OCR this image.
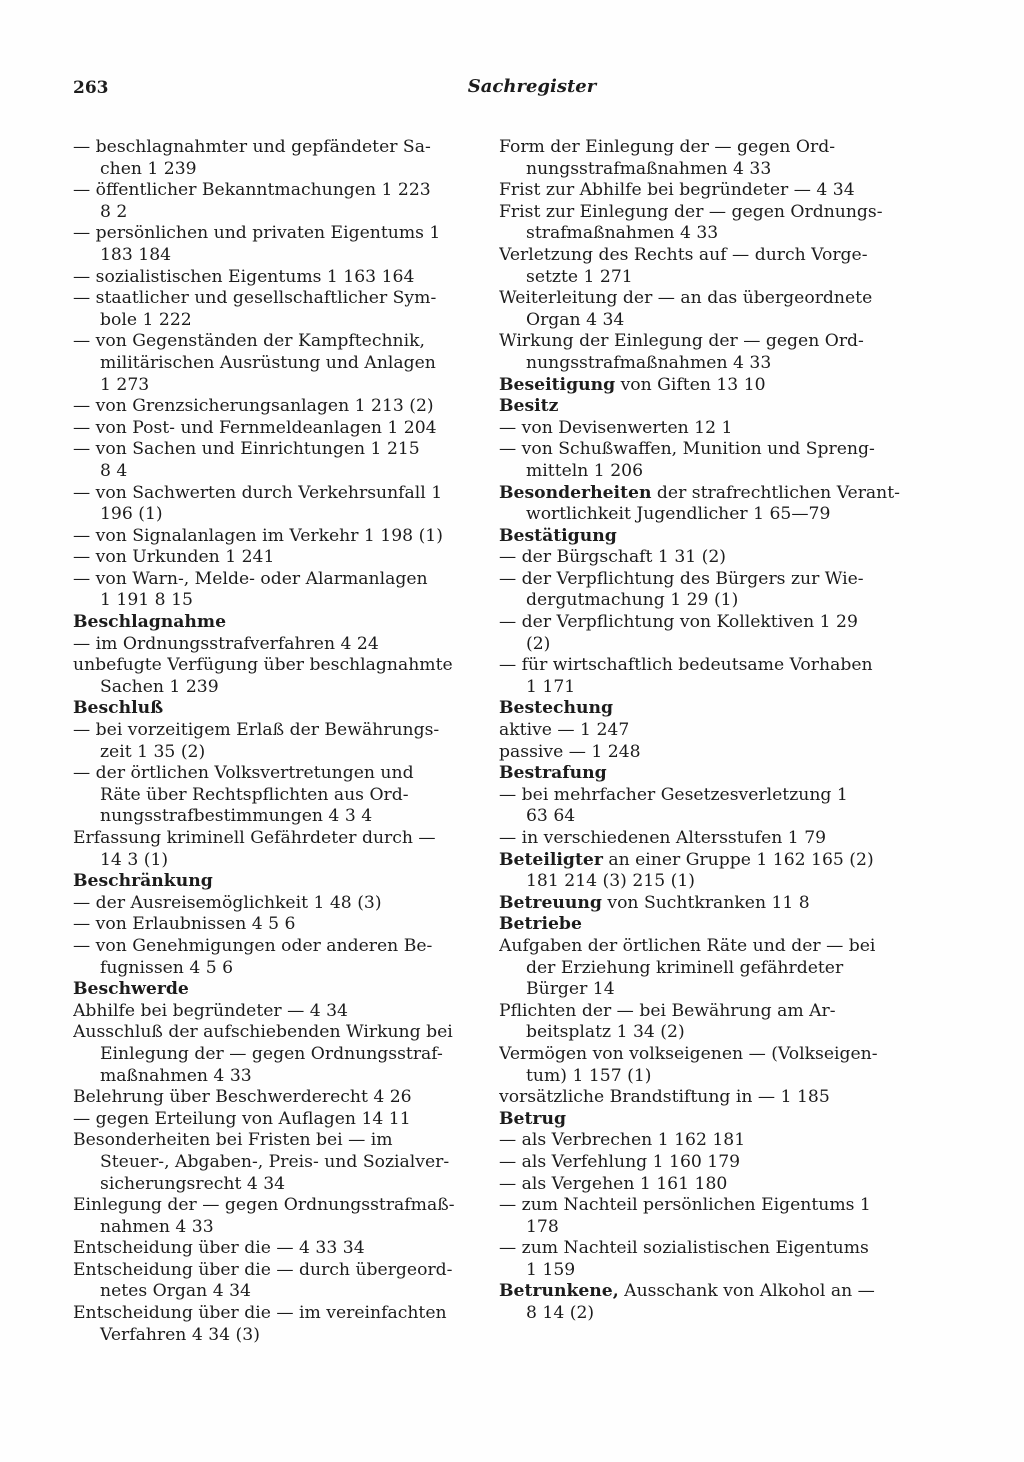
263	Sachregister
— beschlagnahmter und gepfändeter Sa-
chen 1 239
— öffentlicher Bekanntmachungen 1 223
8 2
— persönlichen und privaten Eigentums 1
183 184
— sozialistischen Eigentums 1 163 164
— staatlicher und gesellschaftlicher Sym-
bole 1 222
— von Gegenständen der Kampftechnik,
militärischen Ausrüstung und Anlagen
1 273
— von Grenzsicherungsanlagen 1 213 (2)
— von Post- und Fernmeldeanlagen 1 204
— von Sachen und Einrichtungen 1 215
8 4
— von Sachwerten durch Verkehrsunfall 1
196 (1)
— von Signalanlagen im Verkehr 1 198 (1)
— von Urkunden 1 241
— von Warn-, Melde- oder Alarmanlagen
1 191 8 15
Beschlagnahme
— im Ordnungsstrafverfahren 4 24
unbefugte Verfügung über beschlagnahmte
Sachen 1 239
Beschluß
— bei vorzeitigem Erlaß der Bewährungs-
zeit 1 35 (2)
— der örtlichen Volksvertretungen und
Räte über Rechtspflichten aus Ord-
nungsstrafbestimmungen 4 3 4
Erfassung kriminell Gefährdeter durch —
14 3 (1)
Beschränkung
— der Ausreisemöglichkeit 1 48 (3)
— von Erlaubnissen 4 5 6
— von Genehmigungen oder anderen Be-
fugnissen 4 5 6
Beschwerde
Abhilfe bei begründeter — 4 34
Ausschluß der aufschiebenden Wirkung bei
Einlegung der — gegen Ordnungsstraf-
maßnahmen 4 33
Belehrung über Beschwerderecht 4 26
— gegen Erteilung von Auflagen 14 11
Besonderheiten bei Fristen bei — im
Steuer-, Abgaben-, Preis- und Sozialver-
sicherungsrecht 4 34
Einlegung der — gegen Ordnungsstrafmaß-
nahmen 4 33
Entscheidung über die — 4 33 34
Entscheidung über die — durch übergeord-
netes Organ 4 34
Entscheidung über die — im vereinfachten
Verfahren 4 34 (3)
Form der Einlegung der — gegen Ord-
nungsstrafmaßnahmen 4 33
Frist zur Abhilfe bei begründeter — 4 34
Frist zur Einlegung der — gegen Ordnungs-
strafmaßnahmen 4 33
Verletzung des Rechts auf — durch Vorge-
setzte 1 271
Weiterleitung der — an das übergeordnete
Organ 4 34
Wirkung der Einlegung der — gegen Ord-
nungsstrafmaßnahmen 4 33
Beseitigung von Giften 13 10
Besitz
— von Devisenwerten 12 1
— von Schußwaffen, Munition und Spreng-
mitteln 1 206
Besonderheiten der strafrechtlichen Verant-
wortlichkeit Jugendlicher 1 65—79
Bestätigung
— der Bürgschaft 1 31 (2)
— der Verpflichtung des Bürgers zur Wie-
dergutmachung 1 29 (1)
— der Verpflichtung von Kollektiven 1 29
(2)
— für wirtschaftlich bedeutsame Vorhaben
1 171
Bestechung
aktive — 1 247
passive — 1 248
Bestrafung
— bei mehrfacher Gesetzesverletzung 1
63 64
— in verschiedenen Altersstufen 1 79
Beteiligter an einer Gruppe 1 162 165 (2)
181 214 (3) 215 (1)
Betreuung von Suchtkranken 11 8
Betriebe
Aufgaben der örtlichen Räte und der — bei
der Erziehung kriminell gefährdeter
Bürger 14
Pflichten der — bei Bewährung am Ar-
beitsplatz 1 34 (2)
Vermögen von volkseigenen — (Volkseigen-
tum) 1 157 (1)
vorsätzliche Brandstiftung in — 1 185
Betrug
— als Verbrechen 1 162 181
— als Verfehlung 1 160 179
— als Vergehen 1 161 180
— zum Nachteil persönlichen Eigentums 1
178
— zum Nachteil sozialistischen Eigentums
1 159
Betrunkene, Ausschank von Alkohol an —
8 14 (2)
